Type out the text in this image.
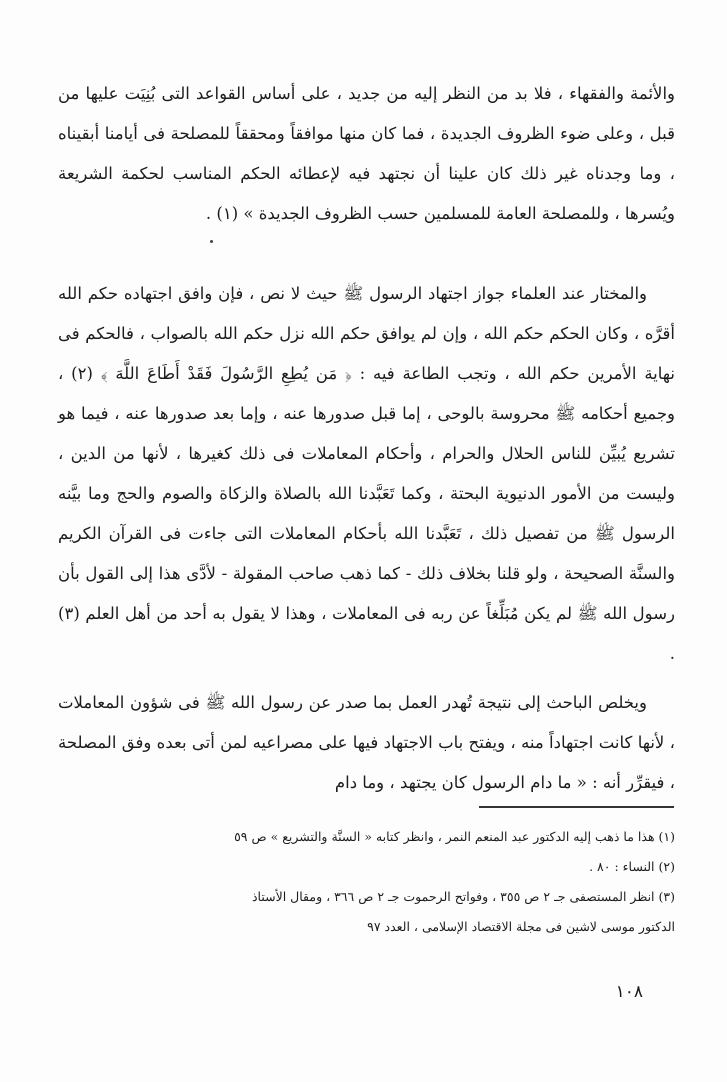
والأئمة والفقهاء ، فلا بد من النظر إليه من جديد ، على أساس القواعد التى بُنِيَت عليها من قبل ، وعلى ضوء الظروف الجديدة ، فما كان منها موافقاً ومحققاً للمصلحة فى أيامنا أبقيناه ، وما وجدناه غير ذلك كان علينا أن نجتهد فيه لإعطائه الحكم المناسب لحكمة الشريعة ويُسرها ، وللمصلحة العامة للمسلمين حسب الظروف الجديدة » (١) .

والمختار عند العلماء جواز اجتهاد الرسول ﷺ حيث لا نص ، فإن وافق اجتهاده حكم الله أقرَّه ، وكان الحكم حكم الله ، وإن لم يوافق حكم الله نزل حكم الله بالصواب ، فالحكم فى نهاية الأمرين حكم الله ، وتجب الطاعة فيه : ﴿ مَن يُطِعِ الرَّسُولَ فَقَدْ أَطَاعَ اللَّهَ ﴾ (٢) ، وجميع أحكامه ﷺ محروسة بالوحى ، إما قبل صدورها عنه ، وإما بعد صدورها عنه ، فيما هو تشريع يُبيِّن للناس الحلال والحرام ، وأحكام المعاملات فى ذلك كغيرها ، لأنها من الدين ، وليست من الأمور الدنيوية البحتة ، وكما تَعَبَّدنا الله بالصلاة والزكاة والصوم والحج وما بيَّنه الرسول ﷺ من تفصيل ذلك ، تَعَبَّدنا الله بأحكام المعاملات التى جاءت فى القرآن الكريم والسنَّة الصحيحة ، ولو قلنا بخلاف ذلك - كما ذهب صاحب المقولة - لأدَّى هذا إلى القول بأن رسول الله ﷺ لم يكن مُبَلِّغاً عن ربه فى المعاملات ، وهذا لا يقول به أحد من أهل العلم (٣) .

ويخلص الباحث إلى نتيجة تُهدر العمل بما صدر عن رسول الله ﷺ فى شؤون المعاملات ، لأنها كانت اجتهاداً منه ، ويفتح باب الاجتهاد فيها على مصراعيه لمن أتى بعده وفق المصلحة ، فيقرِّر أنه : « ما دام الرسول كان يجتهد ، وما دام

(١) هذا ما ذهب إليه الدكتور عبد المنعم النمر ، وانظر كتابه « السنَّة والتشريع » ص ٥٩

(٢) النساء : ٨٠ .

(٣) انظر المستصفى جـ ٢ ص ٣٥٥ ، وفواتح الرحموت جـ ٢ ص ٣٦٦ ، ومقال الأستاذ

الدكتور موسى لاشين فى مجلة الاقتصاد الإسلامى ، العدد ٩٧

١٠٨
